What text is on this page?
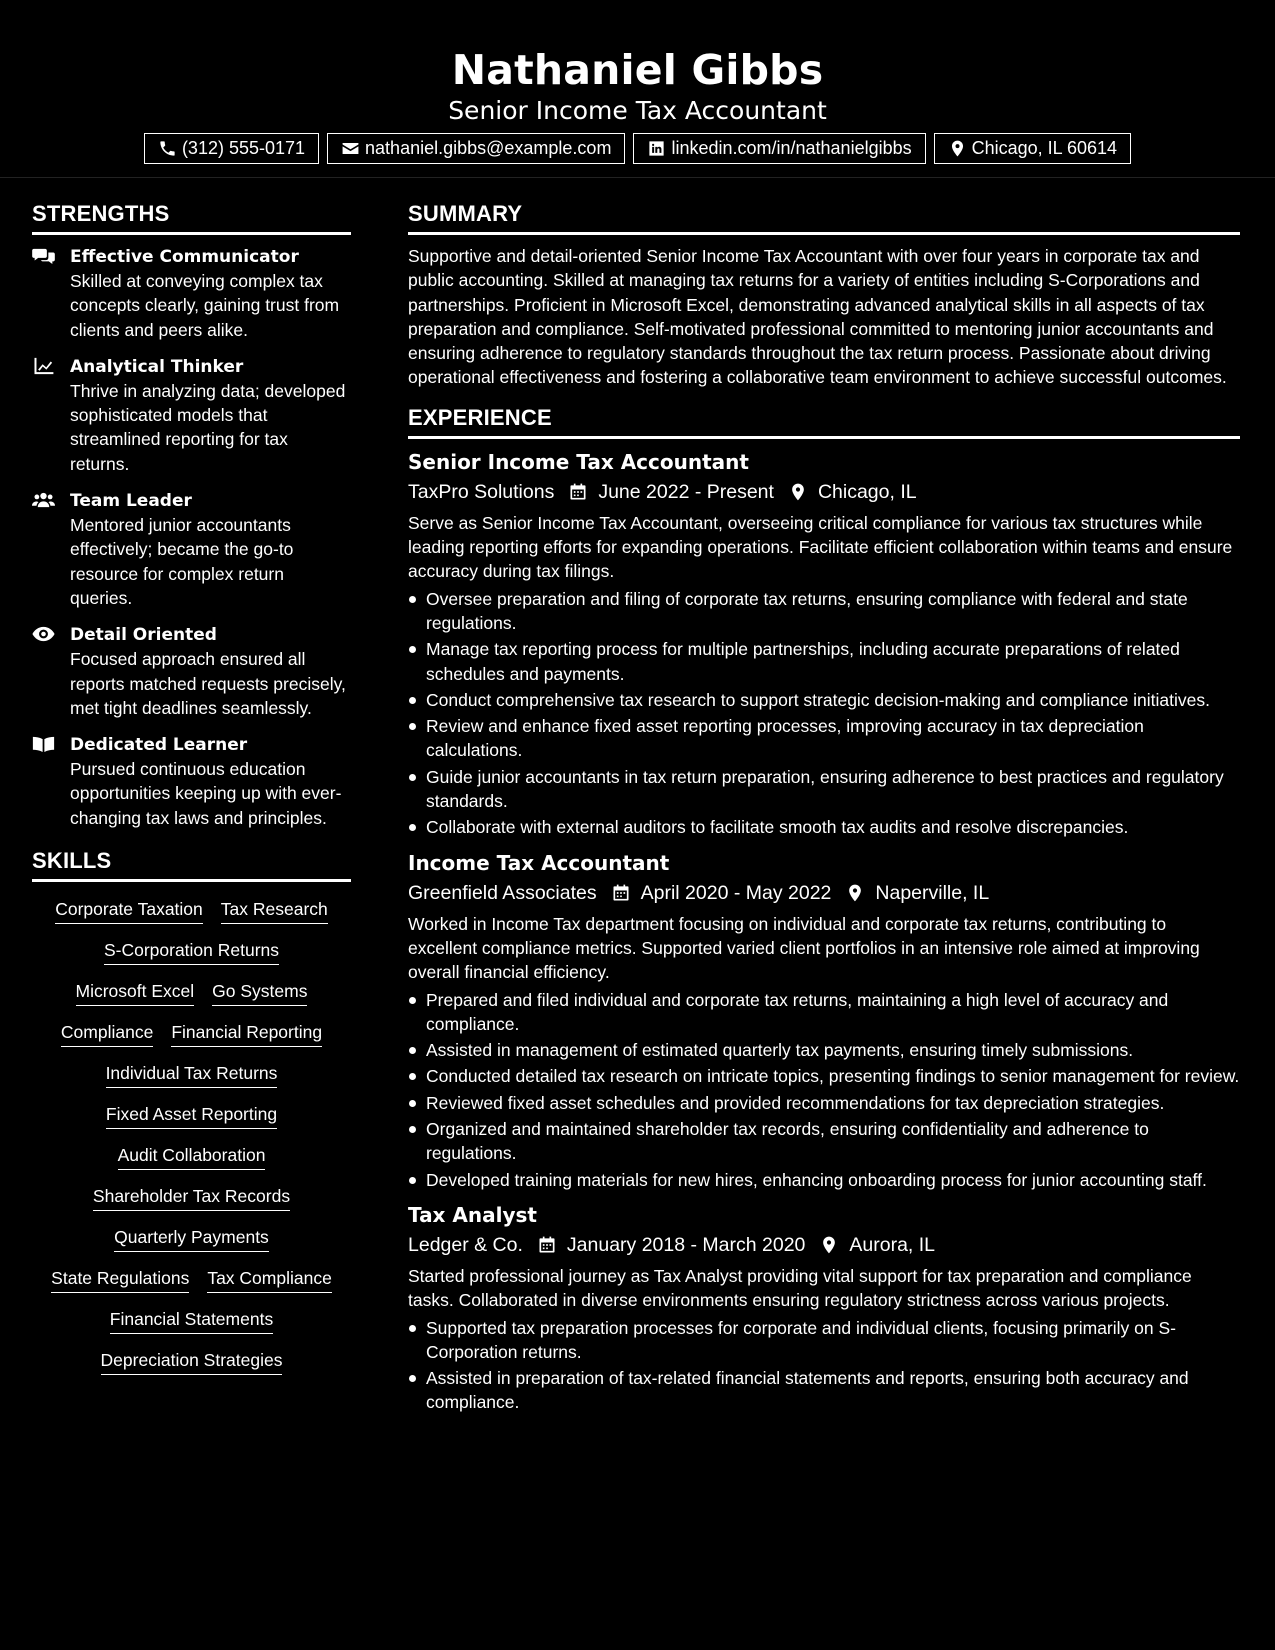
Nathaniel Gibbs
Senior Income Tax Accountant
(312) 555-0171	nathaniel.gibbs@example.com	linkedin.com/in/nathanielgibbs	Chicago, IL 60614
STRENGTHS
Effective Communicator
Skilled at conveying complex tax concepts clearly, gaining trust from clients and peers alike.
Analytical Thinker
Thrive in analyzing data; developed sophisticated models that streamlined reporting for tax returns.
Team Leader
Mentored junior accountants effectively; became the go-to resource for complex return queries.
Detail Oriented
Focused approach ensured all reports matched requests precisely, met tight deadlines seamlessly.
Dedicated Learner
Pursued continuous education opportunities keeping up with ever-changing tax laws and principles.
SKILLS
Corporate Taxation Tax Research
S-Corporation Returns
Microsoft Excel Go Systems
Compliance Financial Reporting
Individual Tax Returns
Fixed Asset Reporting
Audit Collaboration
Shareholder Tax Records
Quarterly Payments
State Regulations Tax Compliance
Financial Statements
Depreciation Strategies
SUMMARY
Supportive and detail-oriented Senior Income Tax Accountant with over four years in corporate tax and public accounting. Skilled at managing tax returns for a variety of entities including S-Corporations and partnerships. Proficient in Microsoft Excel, demonstrating advanced analytical skills in all aspects of tax preparation and compliance. Self-motivated professional committed to mentoring junior accountants and ensuring adherence to regulatory standards throughout the tax return process. Passionate about driving operational effectiveness and fostering a collaborative team environment to achieve successful outcomes.
EXPERIENCE
Senior Income Tax Accountant
TaxPro Solutions June 2022 - Present Chicago, IL
Serve as Senior Income Tax Accountant, overseeing critical compliance for various tax structures while leading reporting efforts for expanding operations. Facilitate efficient collaboration within teams and ensure accuracy during tax filings.
Oversee preparation and filing of corporate tax returns, ensuring compliance with federal and state regulations.
Manage tax reporting process for multiple partnerships, including accurate preparations of related schedules and payments.
Conduct comprehensive tax research to support strategic decision-making and compliance initiatives.
Review and enhance fixed asset reporting processes, improving accuracy in tax depreciation calculations.
Guide junior accountants in tax return preparation, ensuring adherence to best practices and regulatory standards.
Collaborate with external auditors to facilitate smooth tax audits and resolve discrepancies.
Income Tax Accountant
Greenfield Associates April 2020 - May 2022 Naperville, IL
Worked in Income Tax department focusing on individual and corporate tax returns, contributing to excellent compliance metrics. Supported varied client portfolios in an intensive role aimed at improving overall financial efficiency.
Prepared and filed individual and corporate tax returns, maintaining a high level of accuracy and compliance.
Assisted in management of estimated quarterly tax payments, ensuring timely submissions.
Conducted detailed tax research on intricate topics, presenting findings to senior management for review.
Reviewed fixed asset schedules and provided recommendations for tax depreciation strategies.
Organized and maintained shareholder tax records, ensuring confidentiality and adherence to regulations.
Developed training materials for new hires, enhancing onboarding process for junior accounting staff.
Tax Analyst
Ledger & Co. January 2018 - March 2020 Aurora, IL
Started professional journey as Tax Analyst providing vital support for tax preparation and compliance tasks. Collaborated in diverse environments ensuring regulatory strictness across various projects.
Supported tax preparation processes for corporate and individual clients, focusing primarily on S-Corporation returns.
Assisted in preparation of tax-related financial statements and reports, ensuring both accuracy and compliance.
